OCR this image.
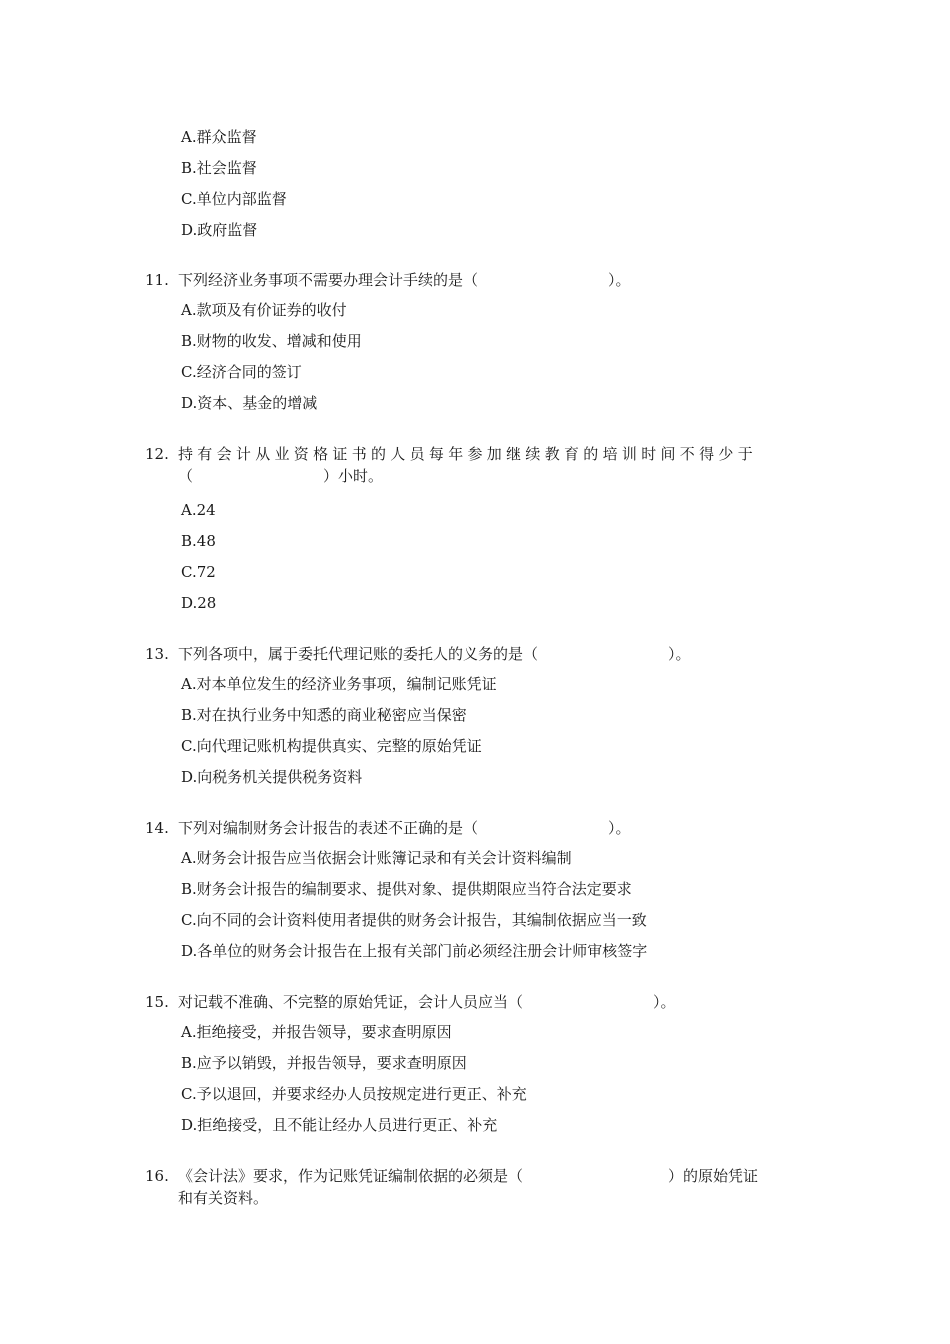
A.群众监督
B.社会监督
C.单位内部监督
D.政府监督
11. 下列经济业务事项不需要办理会计手续的是（	）。
A.款项及有价证券的收付
B.财物的收发、增减和使用
C.经济合同的签订
D.资本、基金的增减
12. 持有会计从业资格证书的人员每年参加继续教育的培训时间不得少于
（	）小时。
A.24
B.48
C.72
D.28
13. 下列各项中，属于委托代理记账的委托人的义务的是（	）。
A.对本单位发生的经济业务事项，编制记账凭证
B.对在执行业务中知悉的商业秘密应当保密
C.向代理记账机构提供真实、完整的原始凭证
D.向税务机关提供税务资料
14. 下列对编制财务会计报告的表述不正确的是（	）。
A.财务会计报告应当依据会计账簿记录和有关会计资料编制
B.财务会计报告的编制要求、提供对象、提供期限应当符合法定要求
C.向不同的会计资料使用者提供的财务会计报告，其编制依据应当一致
D.各单位的财务会计报告在上报有关部门前必须经注册会计师审核签字
15. 对记载不准确、不完整的原始凭证，会计人员应当（	）。
A.拒绝接受，并报告领导，要求查明原因
B.应予以销毁，并报告领导，要求查明原因
C.予以退回，并要求经办人员按规定进行更正、补充
D.拒绝接受，且不能让经办人员进行更正、补充
16. 《会计法》要求，作为记账凭证编制依据的必须是（	）的原始凭证
和有关资料。
